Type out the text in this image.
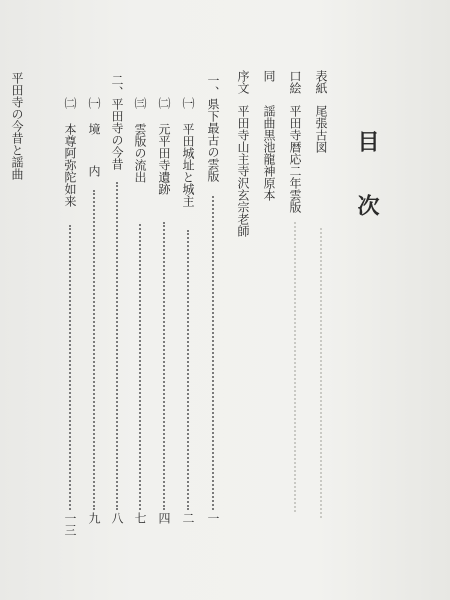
目次
表紙
尾張古図
口絵
平田寺暦応二年雲版
同
謡曲黒池龍神原本
序文
平田寺山主寺沢玄宗老師
一、県下最古の雲版
一
㈠ 平田城址と城主
二
㈡ 元平田寺遺跡
四
㈢ 雲版の流出
七
二、平田寺の今昔
八
㈠ 境
内
九
㈡ 本尊阿弥陀如来
一三
平田寺の今昔と謡曲
